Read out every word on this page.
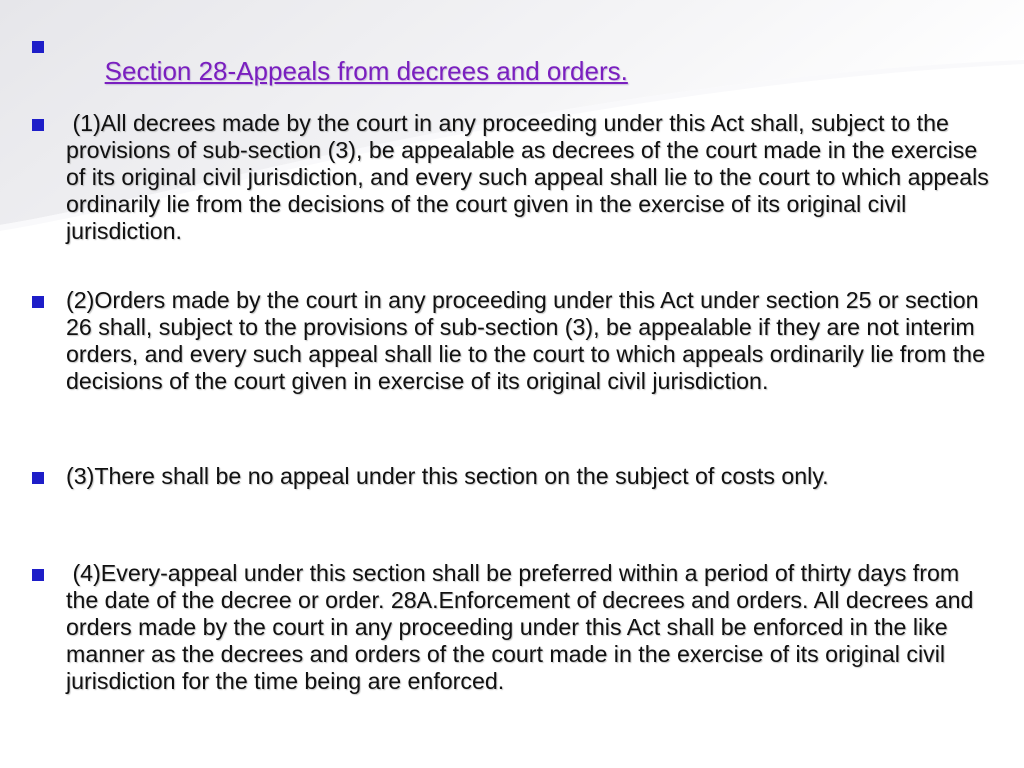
Section 28-Appeals from decrees and orders.

(1)All decrees made by the court in any proceeding under this Act shall, subject to the provisions of sub-section (3), be appealable as decrees of the court made in the exercise of its original civil jurisdiction, and every such appeal shall lie to the court to which appeals ordinarily lie from the decisions of the court given in the exercise of its original civil jurisdiction.

(2)Orders made by the court in any proceeding under this Act under section 25 or section 26 shall, subject to the provisions of sub-section (3), be appealable if they are not interim orders, and every such appeal shall lie to the court to which appeals ordinarily lie from the decisions of the court given in exercise of its original civil jurisdiction.

(3)There shall be no appeal under this section on the subject of costs only.

(4)Every-appeal under this section shall be preferred within a period of thirty days from the date of the decree or order. 28A.Enforcement of decrees and orders. All decrees and orders made by the court in any proceeding under this Act shall be enforced in the like manner as the decrees and orders of the court made in the exercise of its original civil jurisdiction for the time being are enforced.
